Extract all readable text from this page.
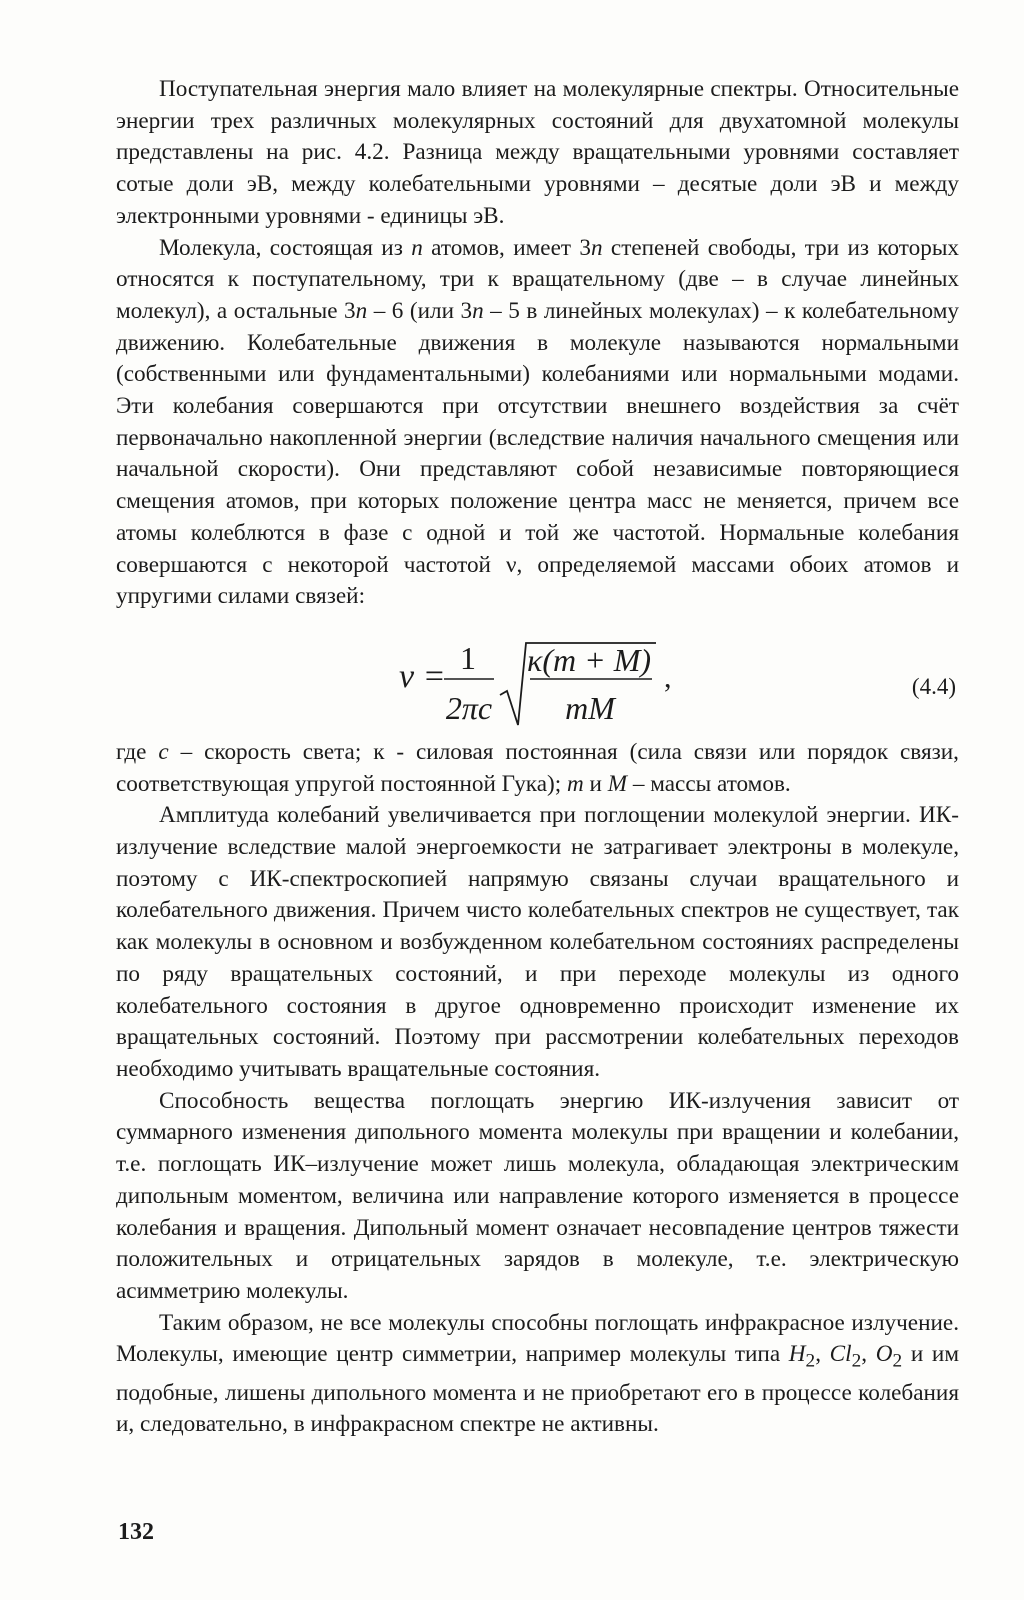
Поступательная энергия мало влияет на молекулярные спектры. Относительные энергии трех различных молекулярных состояний для двухатомной молекулы представлены на рис. 4.2. Разница между вращательными уровнями составляет сотые доли эВ, между колебательными уровнями – десятые доли эВ и между электронными уровнями - единицы эВ.

Молекула, состоящая из n атомов, имеет 3n степеней свободы, три из которых относятся к поступательному, три к вращательному (две – в случае линейных молекул), а остальные 3n – 6 (или 3n – 5 в линейных молекулах) – к колебательному движению. Колебательные движения в молекуле называются нормальными (собственными или фундаментальными) колебаниями или нормальными модами. Эти колебания совершаются при отсутствии внешнего воздействия за счёт первоначально накопленной энергии (вследствие наличия начального смещения или начальной скорости). Они представляют собой независимые повторяющиеся смещения атомов, при которых положение центра масс не меняется, причем все атомы колеблются в фазе с одной и той же частотой. Нормальные колебания совершаются с некоторой частотой ν, определяемой массами обоих атомов и упругими силами связей:

ν = 1
2πc
κ(m + M)
mM
,	(4.4)

где c – скорость света; к - силовая постоянная (сила связи или порядок связи, соответствующая упругой постоянной Гука); m и M – массы атомов.

Амплитуда колебаний увеличивается при поглощении молекулой энергии. ИК-излучение вследствие малой энергоемкости не затрагивает электроны в молекуле, поэтому с ИК-спектроскопией напрямую связаны случаи вращательного и колебательного движения. Причем чисто колебательных спектров не существует, так как молекулы в основном и возбужденном колебательном состояниях распределены по ряду вращательных состояний, и при переходе молекулы из одного колебательного состояния в другое одновременно происходит изменение их вращательных состояний. Поэтому при рассмотрении колебательных переходов необходимо учитывать вращательные состояния.

Способность вещества поглощать энергию ИК-излучения зависит от суммарного изменения дипольного момента молекулы при вращении и колебании, т.е. поглощать ИК–излучение может лишь молекула, обладающая электрическим дипольным моментом, величина или направление которого изменяется в процессе колебания и вращения. Дипольный момент означает несовпадение центров тяжести положительных и отрицательных зарядов в молекуле, т.е. электрическую асимметрию молекулы.

Таким образом, не все молекулы способны поглощать инфракрасное излучение. Молекулы, имеющие центр симметрии, например молекулы типа $H_2$, $Cl_2$, $O_2$ и им подобные, лишены дипольного момента и не приобретают его в процессе колебания и, следовательно, в инфракрасном спектре не активны.

132
